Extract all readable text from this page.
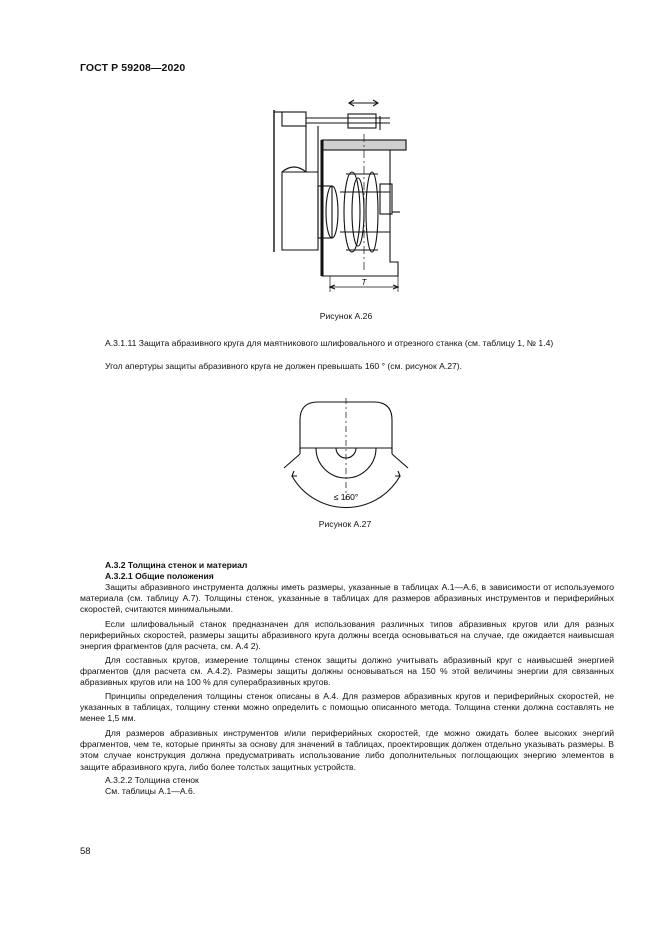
ГОСТ Р 59208—2020
T
Рисунок А.26
А.3.1.11 Защита абразивного круга для маятникового шлифовального и отрезного станка (см. таблицу 1, № 1.4)
Угол апертуры защиты абразивного круга не должен превышать 160 ° (см. рисунок А.27).
≤ 160°
Рисунок А.27
А.3.2 Толщина стенок и материал
А.3.2.1 Общие положения
Защиты абразивного инструмента должны иметь размеры, указанные в таблицах А.1—А.6, в зависимости от используемого материала (см. таблицу А.7). Толщины стенок, указанные в таблицах для размеров абразивных инструментов и периферийных скоростей, считаются минимальными.
Если шлифовальный станок предназначен для использования различных типов абразивных кругов или для разных периферийных скоростей, размеры защиты абразивного круга должны всегда основываться на случае, где ожидается наивысшая энергия фрагментов (для расчета, см. А.4 2).
Для составных кругов, измерение толщины стенок защиты должно учитывать абразивный круг с наивысшей энергией фрагментов (для расчета см. А.4.2). Размеры защиты должны основываться на 150 % этой величины энергии для связанных абразивных кругов или на 100 % для суперабразивных кругов.
Принципы определения толщины стенок описаны в А.4. Для размеров абразивных кругов и периферийных скоростей, не указанных в таблицах, толщину стенки можно определить с помощью описанного метода. Толщина стенки должна составлять не менее 1,5 мм.
Для размеров абразивных инструментов и/или периферийных скоростей, где можно ожидать более высоких энергий фрагментов, чем те, которые приняты за основу для значений в таблицах, проектировщик должен отдельно указывать размеры. В этом случае конструкция должна предусматривать использование либо дополнительных поглощающих энергию элементов в защите абразивного круга, либо более толстых защитных устройств.
А.3.2.2 Толщина стенок
См. таблицы А.1—А.6.
58
